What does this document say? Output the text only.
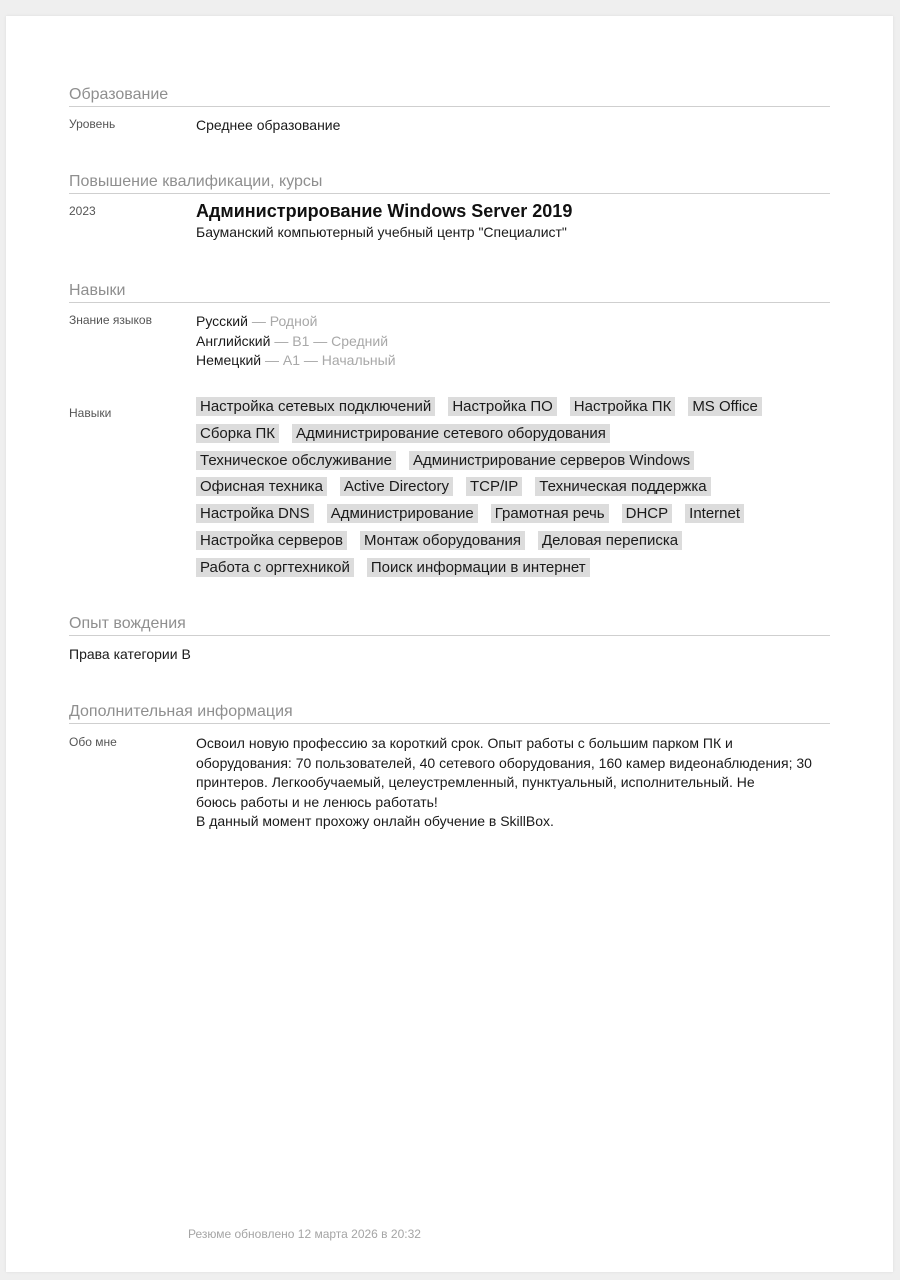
Образование
Уровень	Среднее образование
Повышение квалификации, курсы
2023	Администрирование Windows Server 2019
Бауманский компьютерный учебный центр "Специалист"
Навыки
Знание языков	Русский — Родной
Английский — B1 — Средний
Немецкий — A1 — Начальный
Навыки	Настройка сетевых подключений Настройка ПО Настройка ПК MS Office
Сборка ПК Администрирование сетевого оборудования
Техническое обслуживание Администрирование серверов Windows
Офисная техника Active Directory TCP/IP Техническая поддержка
Настройка DNS Администрирование Грамотная речь DHCP Internet
Настройка серверов Монтаж оборудования Деловая переписка
Работа с оргтехникой Поиск информации в интернет
Опыт вождения
Права категории B
Дополнительная информация
Обо мне	Освоил новую профессию за короткий срок. Опыт работы с большим парком ПК и
оборудования: 70 пользователей, 40 сетевого оборудования, 160 камер видеонаблюдения; 30
принтеров. Легкообучаемый, целеустремленный, пунктуальный, исполнительный. Не
боюсь работы и не ленюсь работать!
В данный момент прохожу онлайн обучение в SkillBox.
Резюме обновлено 12 марта 2026 в 20:32
